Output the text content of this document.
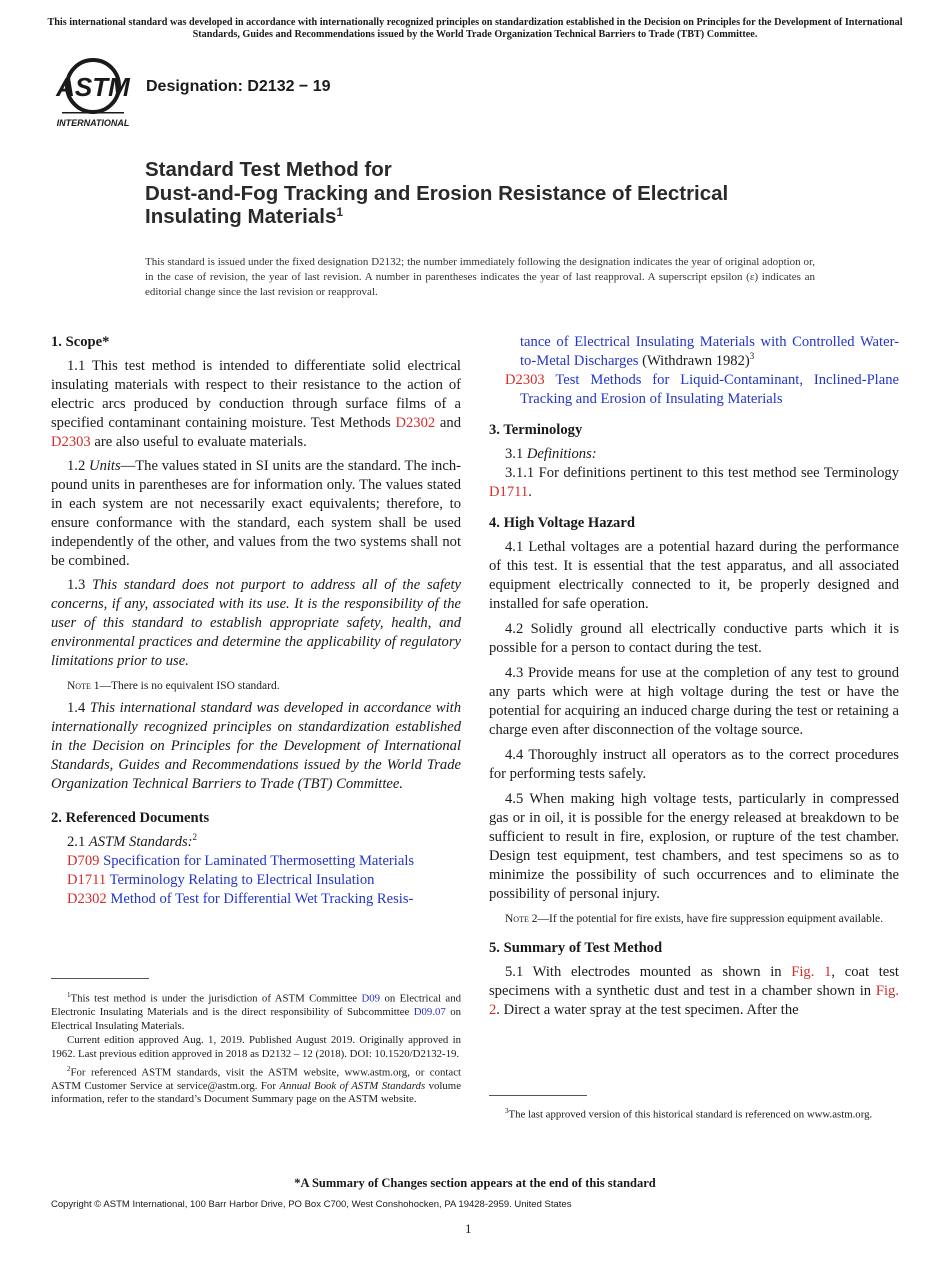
This international standard was developed in accordance with internationally recognized principles on standardization established in the Decision on Principles for the Development of International Standards, Guides and Recommendations issued by the World Trade Organization Technical Barriers to Trade (TBT) Committee.
ASTM
INTERNATIONAL
Designation: D2132 − 19
Standard Test Method for
Dust-and-Fog Tracking and Erosion Resistance of Electrical
Insulating Materials$^1$
This standard is issued under the fixed designation D2132; the number immediately following the designation indicates the year of original adoption or, in the case of revision, the year of last revision. A number in parentheses indicates the year of last reapproval. A superscript epsilon (ε) indicates an editorial change since the last revision or reapproval.

1. Scope*

1.1 This test method is intended to differentiate solid electrical insulating materials with respect to their resistance to the action of electric arcs produced by conduction through surface films of a specified contaminant containing moisture. Test Methods D2302 and D2303 are also useful to evaluate materials.

1.2 Units—The values stated in SI units are the standard. The inch-pound units in parentheses are for information only. The values stated in each system are not necessarily exact equivalents; therefore, to ensure conformance with the standard, each system shall be used independently of the other, and values from the two systems shall not be combined.

1.3 This standard does not purport to address all of the safety concerns, if any, associated with its use. It is the responsibility of the user of this standard to establish appropriate safety, health, and environmental practices and determine the applicability of regulatory limitations prior to use.

Note 1—There is no equivalent ISO standard.

1.4 This international standard was developed in accordance with internationally recognized principles on standardization established in the Decision on Principles for the Development of International Standards, Guides and Recommendations issued by the World Trade Organization Technical Barriers to Trade (TBT) Committee.

2. Referenced Documents

2.1 ASTM Standards:$^2$

D709 Specification for Laminated Thermosetting Materials

D1711 Terminology Relating to Electrical Insulation

D2302 Method of Test for Differential Wet Tracking Resis-

$^1$This test method is under the jurisdiction of ASTM Committee D09 on Electrical and Electronic Insulating Materials and is the direct responsibility of Subcommittee D09.07 on Electrical Insulating Materials.

Current edition approved Aug. 1, 2019. Published August 2019. Originally approved in 1962. Last previous edition approved in 2018 as D2132 – 12 (2018). DOI: 10.1520/D2132-19.

$^2$For referenced ASTM standards, visit the ASTM website, www.astm.org, or contact ASTM Customer Service at service@astm.org. For Annual Book of ASTM Standards volume information, refer to the standard’s Document Summary page on the ASTM website.

tance of Electrical Insulating Materials with Controlled Water-to-Metal Discharges (Withdrawn 1982)$^3$

D2303 Test Methods for Liquid-Contaminant, Inclined-Plane Tracking and Erosion of Insulating Materials

3. Terminology

3.1 Definitions:

3.1.1 For definitions pertinent to this test method see Terminology D1711.

4. High Voltage Hazard

4.1 Lethal voltages are a potential hazard during the performance of this test. It is essential that the test apparatus, and all associated equipment electrically connected to it, be properly designed and installed for safe operation.

4.2 Solidly ground all electrically conductive parts which it is possible for a person to contact during the test.

4.3 Provide means for use at the completion of any test to ground any parts which were at high voltage during the test or have the potential for acquiring an induced charge during the test or retaining a charge even after disconnection of the voltage source.

4.4 Thoroughly instruct all operators as to the correct procedures for performing tests safely.

4.5 When making high voltage tests, particularly in compressed gas or in oil, it is possible for the energy released at breakdown to be sufficient to result in fire, explosion, or rupture of the test chamber. Design test equipment, test chambers, and test specimens so as to minimize the possibility of such occurrences and to eliminate the possibility of personal injury.

Note 2—If the potential for fire exists, have fire suppression equipment available.

5. Summary of Test Method

5.1 With electrodes mounted as shown in Fig. 1, coat test specimens with a synthetic dust and test in a chamber shown in Fig. 2. Direct a water spray at the test specimen. After the

$^3$The last approved version of this historical standard is referenced on www.astm.org.

*A Summary of Changes section appears at the end of this standard
Copyright © ASTM International, 100 Barr Harbor Drive, PO Box C700, West Conshohocken, PA 19428-2959. United States
1
